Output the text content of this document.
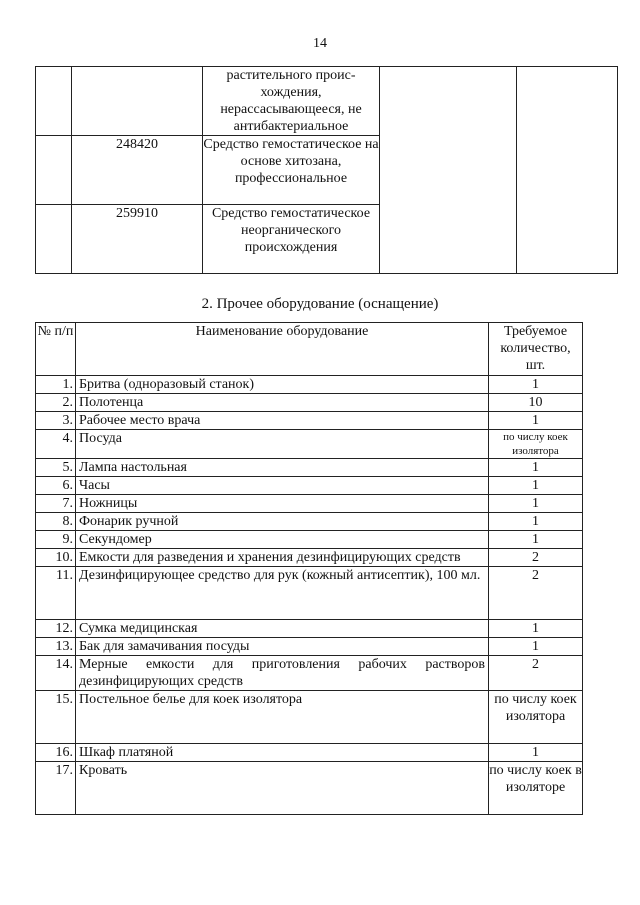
14
		растительного проис-хождения, нерассасывающееся, не антибактериальное		
	248420	Средство гемостатическое на основе хитозана, профессиональное		
	259910	Средство гемостатическое неорганического происхождения		
2. Прочее оборудование (оснащение)
№ п/п	Наименование оборудование	Требуемое количество, шт.
1.	Бритва (одноразовый станок)	1
2.	Полотенца	10
3.	Рабочее место врача	1
4.	Посуда	по числу коек изолятора

5.	Лампа настольная	1
6.	Часы	1
7.	Ножницы	1
8.	Фонарик ручной	1
9.	Секундомер	1
10.	Емкости для разведения и хранения дезинфицирующих средств	2
11.	Дезинфицирующее средство для рук (кожный антисептик), 100 мл.	2
12.	Сумка медицинская	1
13.	Бак для замачивания посуды	1
14.	Мерные емкости для приготовления рабочих растворов дезинфицирующих средств	2
15.	Постельное белье для коек изолятора	по числу коек изолятора
16.	Шкаф платяной	1
17.	Кровать	по числу коек в изоляторе
